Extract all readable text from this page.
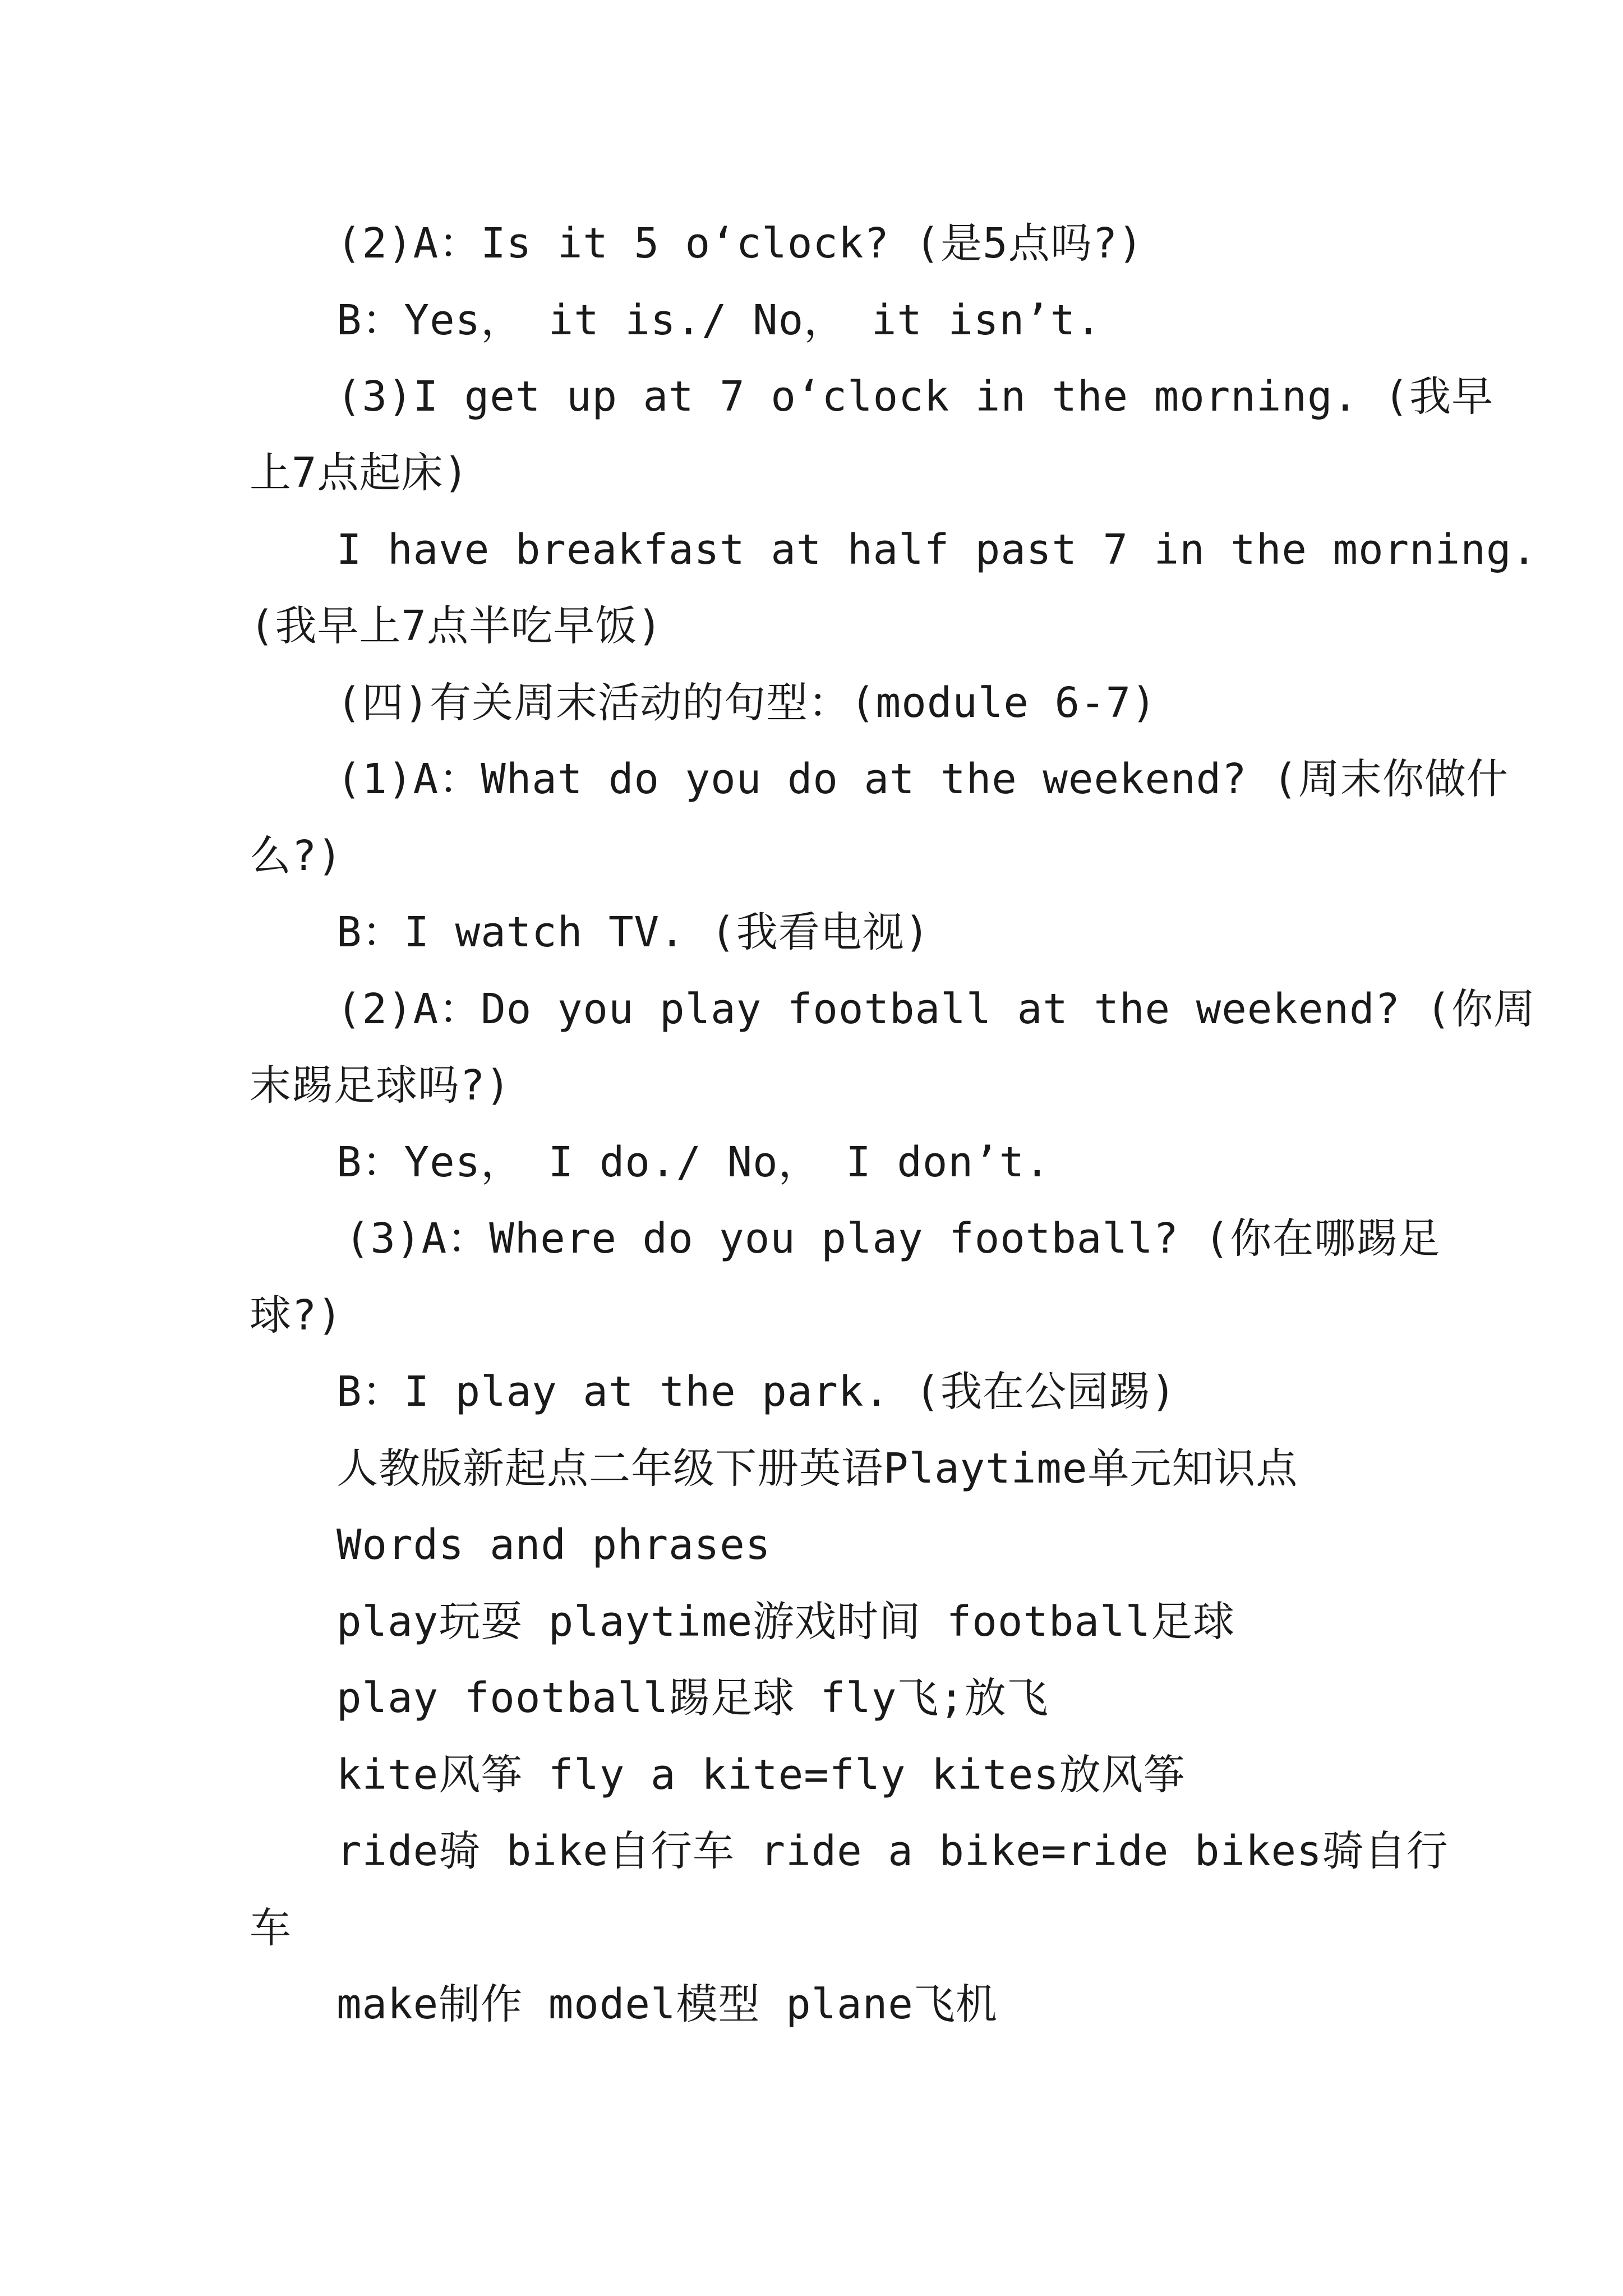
(2)A：Is it 5 o‘clock? (是5点吗?)
B：Yes， it is./ No， it isn’t.
(3)I get up at 7 o‘clock in the morning. (我早
上7点起床)
I have breakfast at half past 7 in the morning.
(我早上7点半吃早饭)
(四)有关周末活动的句型：(module 6-7)
(1)A：What do you do at the weekend? (周末你做什
么?)
B：I watch TV. (我看电视)
(2)A：Do you play football at the weekend? (你周
末踢足球吗?)
B：Yes， I do./ No， I don’t.
(3)A：Where do you play football? (你在哪踢足
球?)
B：I play at the park. (我在公园踢)
人教版新起点二年级下册英语Playtime单元知识点
Words and phrases
play玩耍 playtime游戏时间 football足球
play football踢足球 fly飞;放飞
kite风筝 fly a kite=fly kites放风筝
ride骑 bike自行车 ride a bike=ride bikes骑自行
车
make制作 model模型 plane飞机
